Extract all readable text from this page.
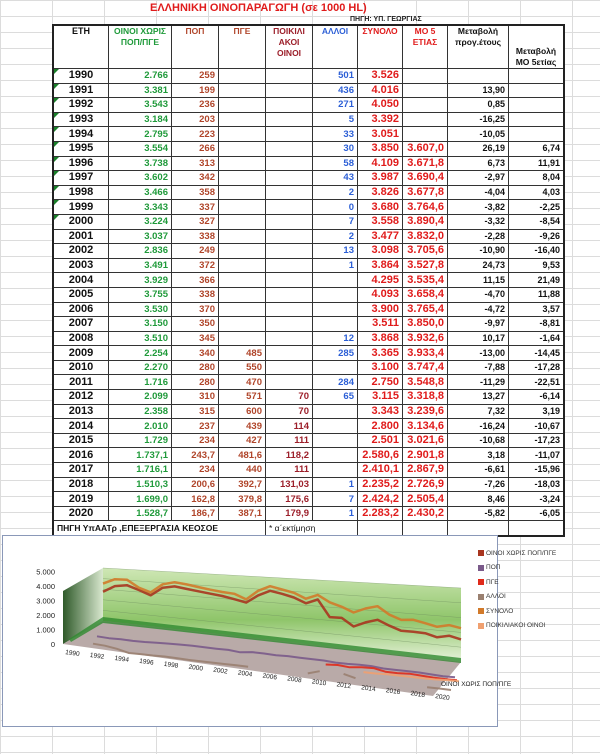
ΕΛΛΗΝΙΚΗ ΟΙΝΟΠΑΡΑΓΩΓΗ (σε 1000 HL)
ΠΗΓΗ: ΥΠ. ΓΕΩΡΓΙΑΣ
ΕΤΗ	ΟΙΝΟΙ ΧΩΡΙΣ ΠΟΠ/ΠΓΕ	ΠΟΠ	ΠΓΕ	ΠΟΙΚΙΛΙ ΑΚΟΙ ΟΙΝΟΙ	ΑΛΛΟΙ	ΣΥΝΟΛΟ	ΜΟ 5 ΕΤΙΑΣ	Μεταβολή προγ.έτους	Μεταβολή ΜΟ 5ετίας
1990	2.766	259			501	3.526			
1991	3.381	199			436	4.016		13,90	
1992	3.543	236			271	4.050		0,85	
1993	3.184	203			5	3.392		-16,25	
1994	2.795	223			33	3.051		-10,05	
1995	3.554	266			30	3.850	3.607,0	26,19	6,74
1996	3.738	313			58	4.109	3.671,8	6,73	11,91
1997	3.602	342			43	3.987	3.690,4	-2,97	8,04
1998	3.466	358			2	3.826	3.677,8	-4,04	4,03
1999	3.343	337			0	3.680	3.764,6	-3,82	-2,25
2000	3.224	327			7	3.558	3.890,4	-3,32	-8,54
2001	3.037	338			2	3.477	3.832,0	-2,28	-9,26
2002	2.836	249			13	3.098	3.705,6	-10,90	-16,40
2003	3.491	372			1	3.864	3.527,8	24,73	9,53
2004	3.929	366				4.295	3.535,4	11,15	21,49
2005	3.755	338				4.093	3.658,4	-4,70	11,88
2006	3.530	370				3.900	3.765,4	-4,72	3,57
2007	3.150	350				3.511	3.850,0	-9,97	-8,81
2008	3.510	345			12	3.868	3.932,6	10,17	-1,64
2009	2.254	340	485		285	3.365	3.933,4	-13,00	-14,45
2010	2.270	280	550			3.100	3.747,4	-7,88	-17,28
2011	1.716	280	470		284	2.750	3.548,8	-11,29	-22,51
2012	2.099	310	571	70	65	3.115	3.318,8	13,27	-6,14
2013	2.358	315	600	70		3.343	3.239,6	7,32	3,19
2014	2.010	237	439	114		2.800	3.134,6	-16,24	-10,67
2015	1.729	234	427	111		2.501	3.021,6	-10,68	-17,23
2016	1.737,1	243,7	481,6	118,2		2.580,6	2.901,8	3,18	-11,07
2017	1.716,1	234	440	111		2.410,1	2.867,9	-6,61	-15,96
2018	1.510,3	200,6	392,7	131,03	1	2.235,2	2.726,9	-7,26	-18,03
2019	1.699,0	162,8	379,8	175,6	7	2.424,2	2.505,4	8,46	-3,24
2020	1.528,7	186,7	387,1	179,9	1	2.283,2	2.430,2	-5,82	-6,05
ΠΗΓΗ ΥπΑΑΤρ ,ΕΠΕΞΕΡΓΑΣΙΑ ΚΕΟΣΟΕ				* α΄εκτίμηση					
0
1.000
2.000
3.000
4.000
5.000
1990 1992 1994 1996 1998 2000 2002 2004 2006 2008 2010 2012 2014 2016 2018 2020
ΟΙΝΟΙ ΧΩΡΙΣ ΠΟΠ/ΠΓΕ
ΟΙΝΟΙ ΧΩΡΙΣ ΠΟΠ/ΠΓΕ
ΠΟΠ
ΠΓΕ
ΑΛΛΟΙ
ΣΥΝΟΛΟ
ΠΟΙΚΙΛΙΑΚΟΙ ΟΙΝΟΙ
